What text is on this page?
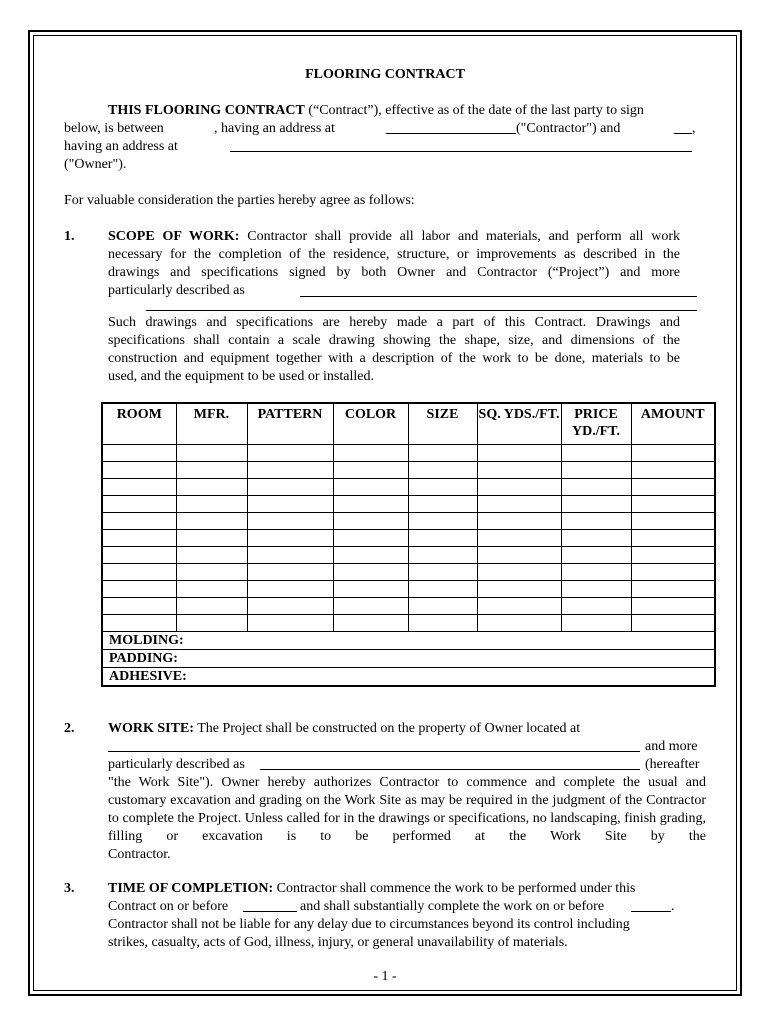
FLOORING CONTRACT
THIS FLOORING CONTRACT (“Contract”), effective as of the date of the last party to sign
below, is between	, having an address at	("Contractor") and	,
having an address at
("Owner").
For valuable consideration the parties hereby agree as follows:
1. SCOPE OF WORK: Contractor shall provide all labor and materials, and perform all work necessary for the completion of the residence, structure, or improvements as described in the drawings and specifications signed by both Owner and Contractor (“Project”) and more
particularly described as
Such drawings and specifications are hereby made a part of this Contract. Drawings and specifications shall contain a scale drawing showing the shape, size, and dimensions of the construction and equipment together with a description of the work to be done, materials to be
used, and the equipment to be used or installed.
ROOM	MFR.	PATTERN	COLOR	SIZE	SQ. YDS./FT.	PRICE YD./FT.	AMOUNT

MOLDING:							
PADDING:							
ADHESIVE:							
2. WORK SITE: The Project shall be constructed on the property of Owner located at
and more
particularly described as	(hereafter
"the Work Site"). Owner hereby authorizes Contractor to commence and complete the usual and customary excavation and grading on the Work Site as may be required in the judgment of the Contractor to complete the Project. Unless called for in the drawings or specifications, no landscaping, finish grading, filling or excavation is to be performed at the Work Site by the
Contractor.
3. TIME OF COMPLETION: Contractor shall commence the work to be performed under this
Contract on or before	and shall substantially complete the work on or before	.
Contractor shall not be liable for any delay due to circumstances beyond its control including
strikes, casualty, acts of God, illness, injury, or general unavailability of materials.
- 1 -
